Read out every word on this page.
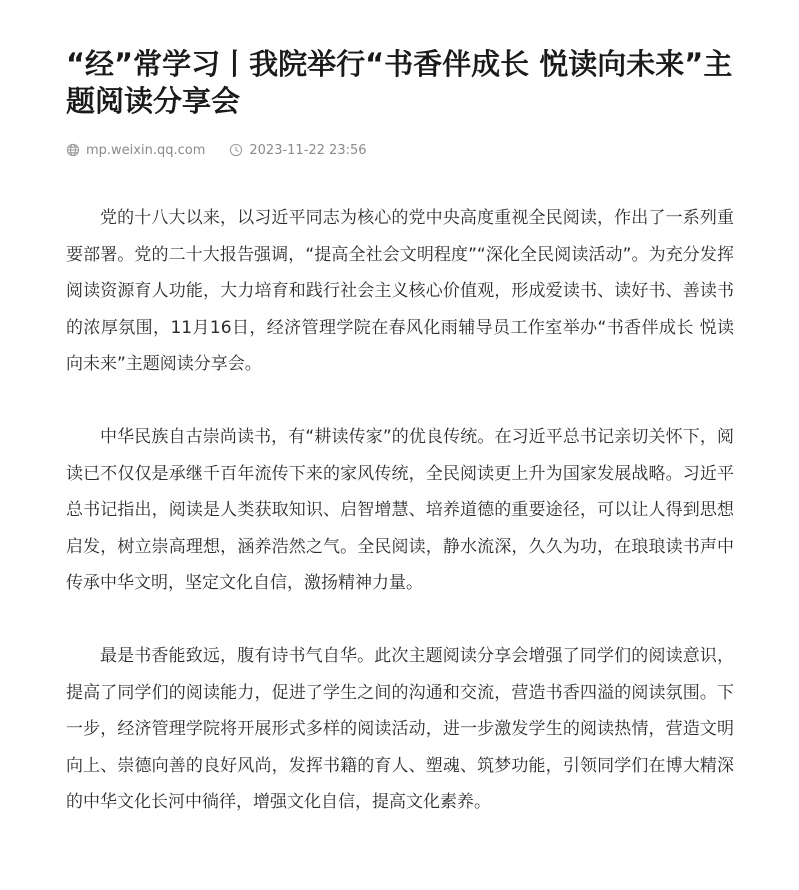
“经”常学习丨我院举行“书香伴成长 悦读向未来”主题阅读分享会
mp.weixin.qq.com	2023-11-22 23:56

党的十八大以来，以习近平同志为核心的党中央高度重视全民阅读，作出了一系列重要部署。党的二十大报告强调，“提高全社会文明程度”“深化全民阅读活动”。为充分发挥阅读资源育人功能，大力培育和践行社会主义核心价值观，形成爱读书、读好书、善读书的浓厚氛围，11月16日，经济管理学院在春风化雨辅导员工作室举办“书香伴成长 悦读向未来”主题阅读分享会。

中华民族自古崇尚读书，有“耕读传家”的优良传统。在习近平总书记亲切关怀下，阅读已不仅仅是承继千百年流传下来的家风传统，全民阅读更上升为国家发展战略。习近平总书记指出，阅读是人类获取知识、启智增慧、培养道德的重要途径，可以让人得到思想启发，树立崇高理想，涵养浩然之气。全民阅读，静水流深，久久为功，在琅琅读书声中传承中华文明，坚定文化自信，激扬精神力量。

最是书香能致远，腹有诗书气自华。此次主题阅读分享会增强了同学们的阅读意识，提高了同学们的阅读能力，促进了学生之间的沟通和交流，营造书香四溢的阅读氛围。下一步，经济管理学院将开展形式多样的阅读活动，进一步激发学生的阅读热情，营造文明向上、崇德向善的良好风尚，发挥书籍的育人、塑魂、筑梦功能，引领同学们在博大精深的中华文化长河中徜徉，增强文化自信，提高文化素养。
